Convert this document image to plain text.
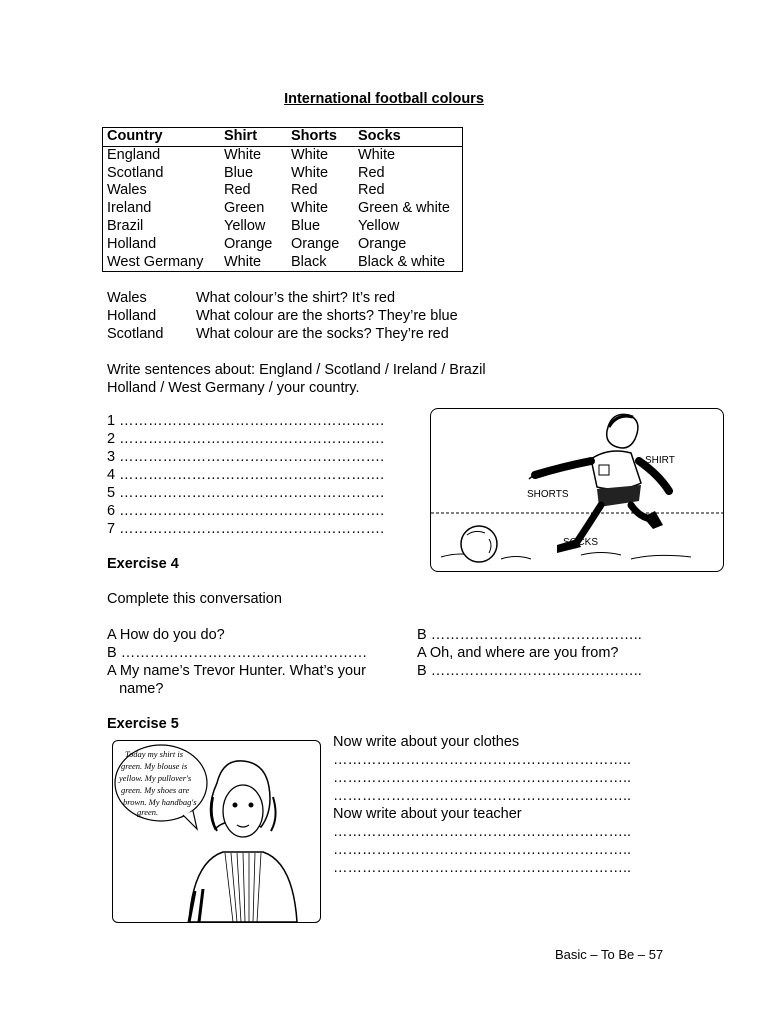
International football colours
Country	Shirt	Shorts	Socks
England	White	White	White
Scotland	Blue	White	Red
Wales	Red	Red	Red
Ireland	Green	White	Green & white
Brazil	Yellow	Blue	Yellow
Holland	Orange	Orange	Orange
West Germany	White	Black	Black & white
Wales	What colour’s the shirt? It’s red
Holland	What colour are the shorts? They’re blue
Scotland What colour are the socks? They’re red
Write sentences about: England / Scotland / Ireland / Brazil
Holland / West Germany / your country.
1 ……………………………………………….
2 ……………………………………………….
3 ……………………………………………….
4 ……………………………………………….
5 ……………………………………………….
6 ……………………………………………….
7 ……………………………………………….
SHIRT
SHORTS
SOCKS
Exercise 4
Complete this conversation
A How do you do?
B ……………………………………………
A My name’s Trevor Hunter. What’s your
name?
B ……………………………………..
A Oh, and where are you from?
B ……………………………………..
Exercise 5
Today my shirt is
green. My blouse is
yellow. My pullover's
green. My shoes are
brown. My handbag's
green.
Now write about your clothes
……………………………………………………..
……………………………………………………..
……………………………………………………..
Now write about your teacher
……………………………………………………..
……………………………………………………..
……………………………………………………..
Basic – To Be – 57
